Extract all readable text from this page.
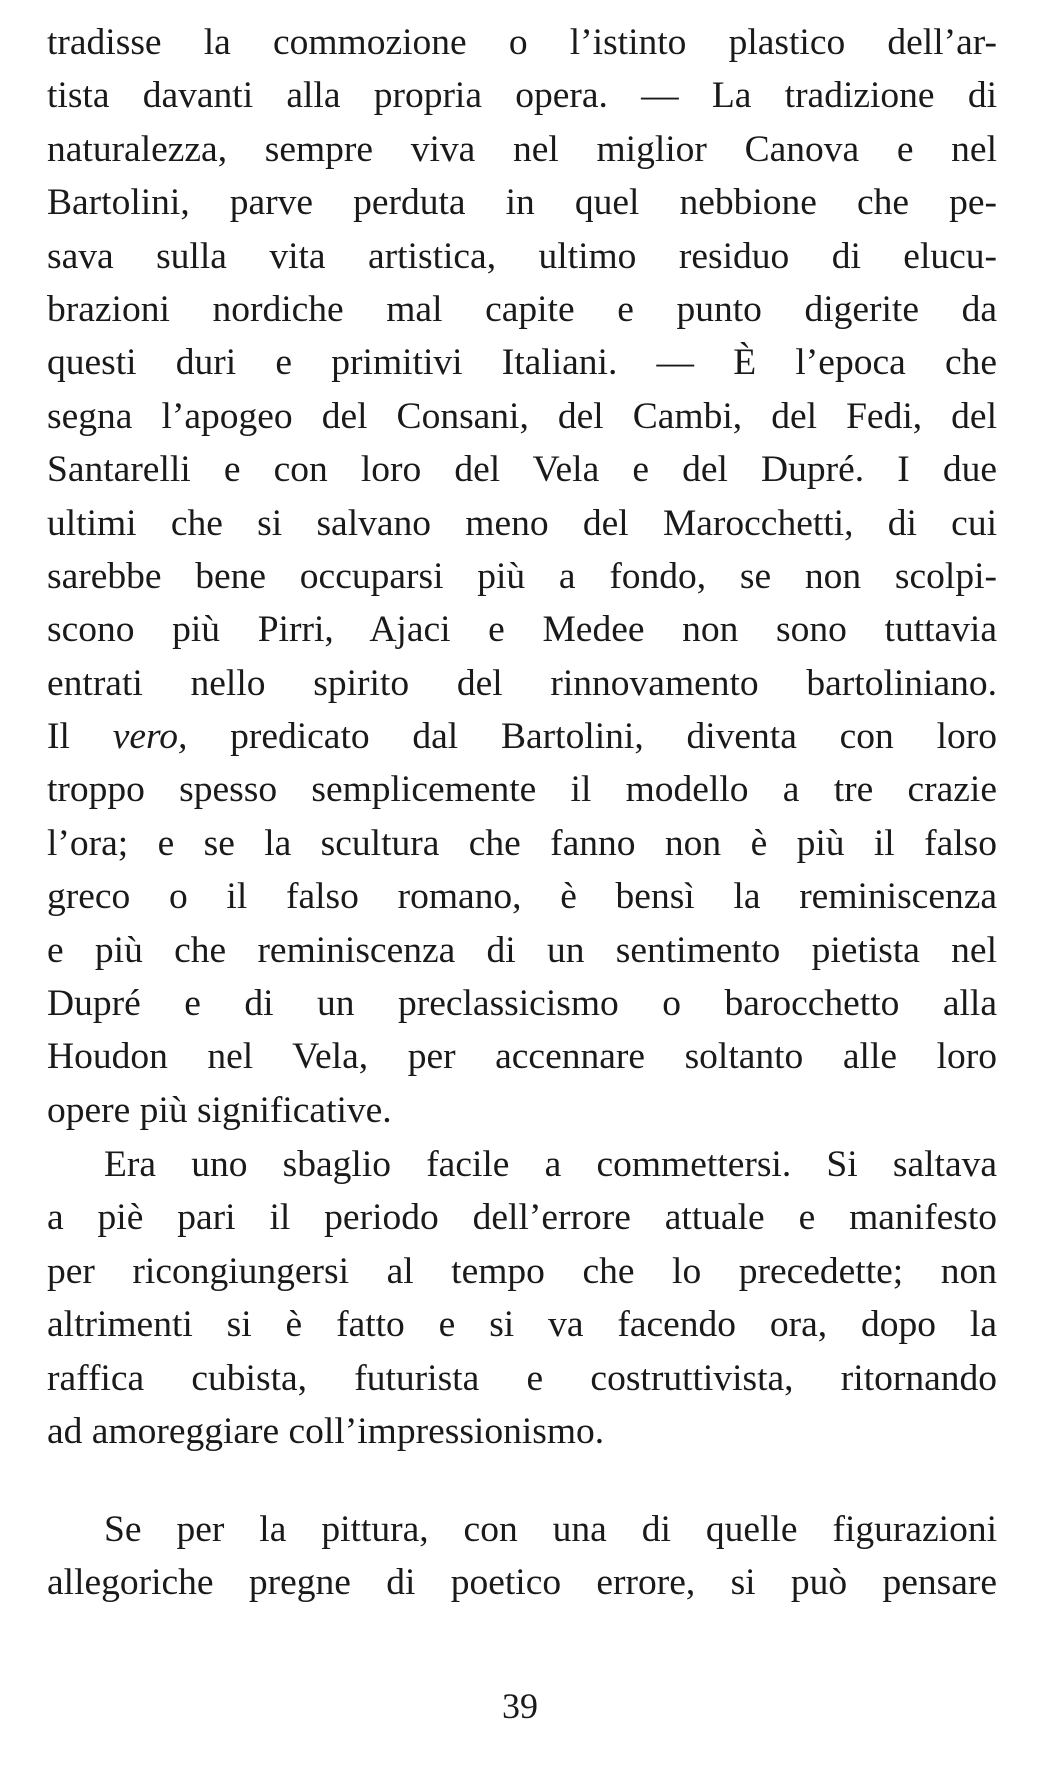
tradisse la commozione o l’istinto plastico dell’ar-
tista davanti alla propria opera. — La tradizione di
naturalezza, sempre viva nel miglior Canova e nel
Bartolini, parve perduta in quel nebbione che pe-
sava sulla vita artistica, ultimo residuo di elucu-
brazioni nordiche mal capite e punto digerite da
questi duri e primitivi Italiani. — È l’epoca che
segna l’apogeo del Consani, del Cambi, del Fedi, del
Santarelli e con loro del Vela e del Dupré. I due
ultimi che si salvano meno del Marocchetti, di cui
sarebbe bene occuparsi più a fondo, se non scolpi-
scono più Pirri, Ajaci e Medee non sono tuttavia
entrati nello spirito del rinnovamento bartoliniano.
Il vero, predicato dal Bartolini, diventa con loro
troppo spesso semplicemente il modello a tre crazie
l’ora; e se la scultura che fanno non è più il falso
greco o il falso romano, è bensì la reminiscenza
e più che reminiscenza di un sentimento pietista nel
Dupré e di un preclassicismo o barocchetto alla
Houdon nel Vela, per accennare soltanto alle loro
opere più significative.
Era uno sbaglio facile a commettersi. Si saltava
a piè pari il periodo dell’errore attuale e manifesto
per ricongiungersi al tempo che lo precedette; non
altrimenti si è fatto e si va facendo ora, dopo la
raffica cubista, futurista e costruttivista, ritornando
ad amoreggiare coll’impressionismo.
Se per la pittura, con una di quelle figurazioni
allegoriche pregne di poetico errore, si può pensare
39
